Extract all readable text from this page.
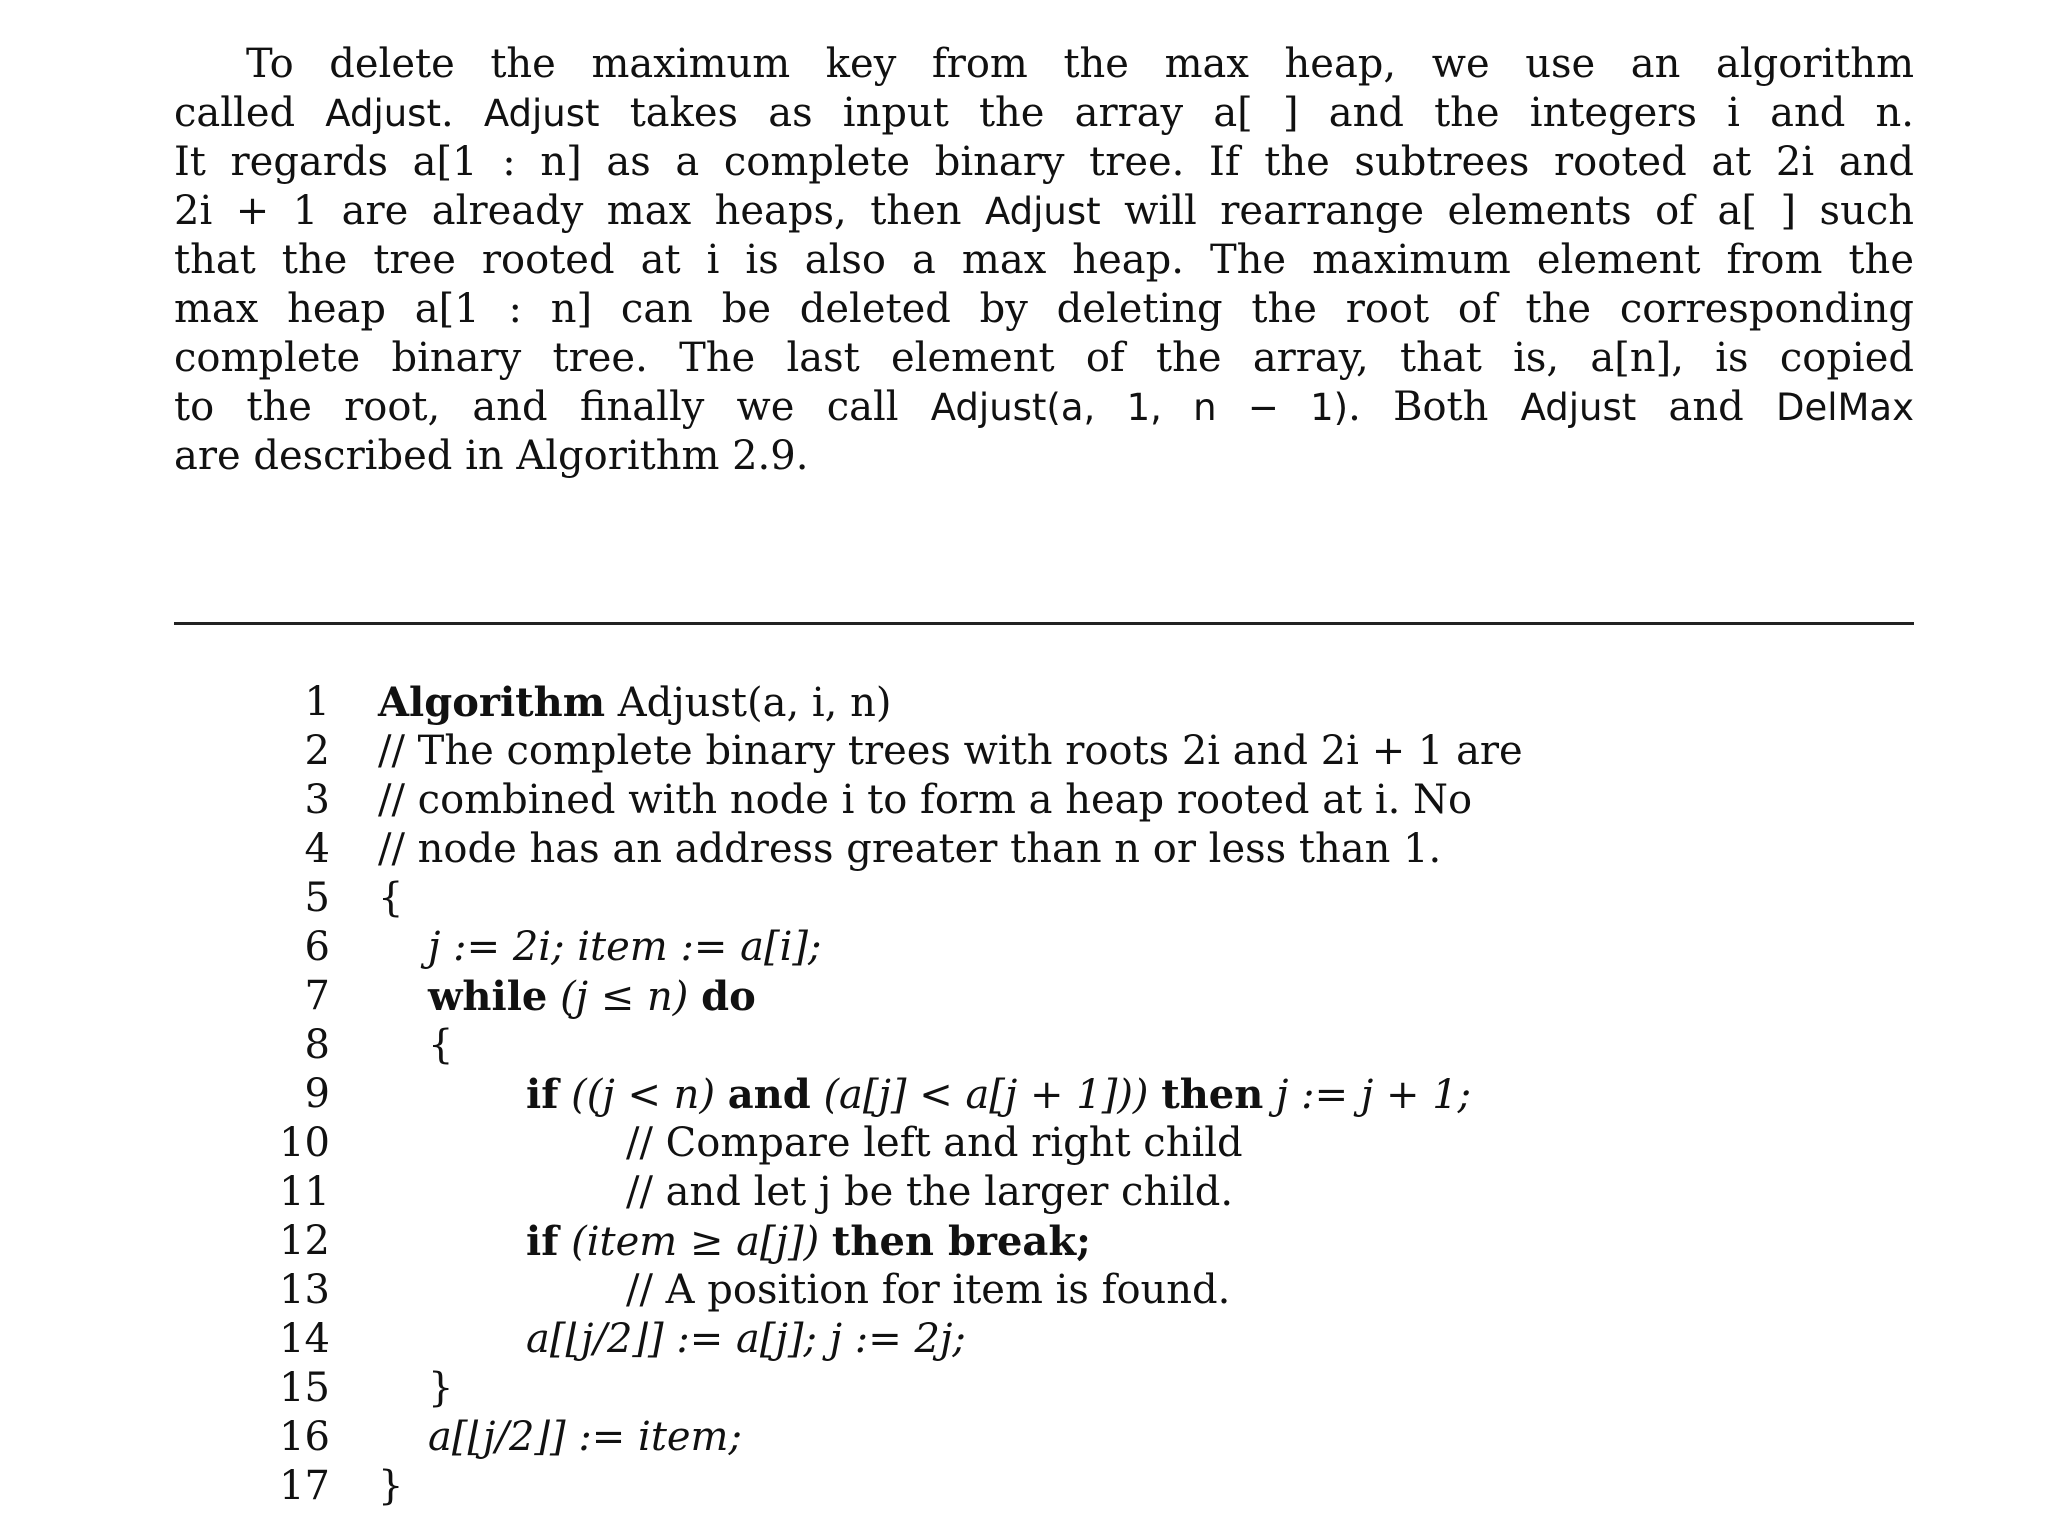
To delete the maximum key from the max heap, we use an algorithm
called Adjust. Adjust takes as input the array a[ ] and the integers i and n.
It regards a[1 : n] as a complete binary tree. If the subtrees rooted at 2i and
2i + 1 are already max heaps, then Adjust will rearrange elements of a[ ] such
that the tree rooted at i is also a max heap. The maximum element from the
max heap a[1 : n] can be deleted by deleting the root of the corresponding
complete binary tree. The last element of the array, that is, a[n], is copied
to the root, and finally we call Adjust(a, 1, n − 1). Both Adjust and DelMax
are described in Algorithm 2.9.
1	Algorithm Adjust(a, i, n)
2	// The complete binary trees with roots 2i and 2i + 1 are
3	// combined with node i to form a heap rooted at i. No
4	// node has an address greater than n or less than 1.
5	{
6	j := 2i; item := a[i];
7	while (j ≤ n) do
8	{
9	if ((j < n) and (a[j] < a[j + 1])) then j := j + 1;
10	// Compare left and right child
11	// and let j be the larger child.
12	if (item ≥ a[j]) then break;
13	// A position for item is found.
14	a[⌊j/2⌋] := a[j]; j := 2j;
15	}
16	a[⌊j/2⌋] := item;
17	}
